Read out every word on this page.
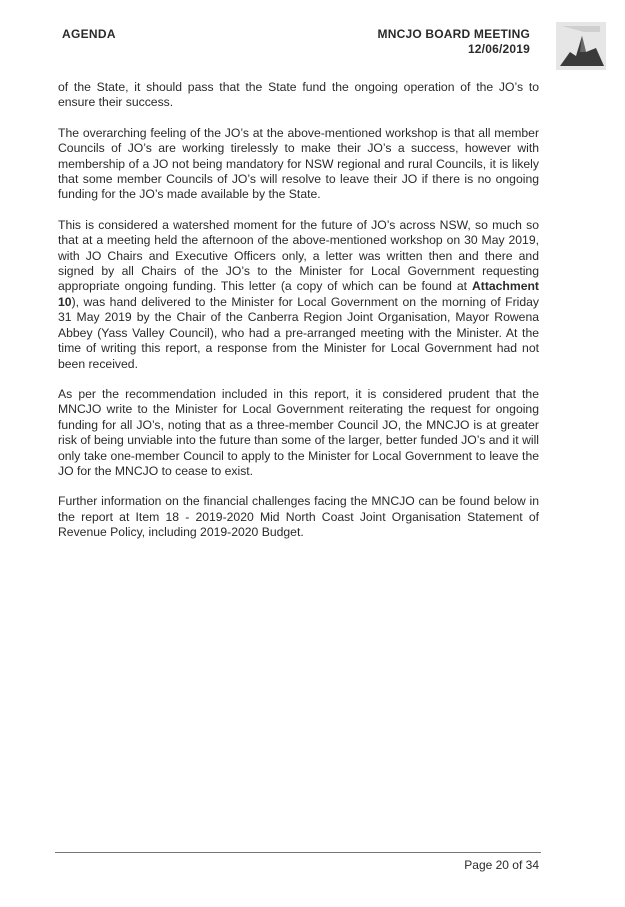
AGENDA	MNCJO BOARD MEETING
12/06/2019

of the State, it should pass that the State fund the ongoing operation of the JO’s to ensure their success.

The overarching feeling of the JO’s at the above-mentioned workshop is that all member Councils of JO’s are working tirelessly to make their JO’s a success, however with membership of a JO not being mandatory for NSW regional and rural Councils, it is likely that some member Councils of JO’s will resolve to leave their JO if there is no ongoing funding for the JO’s made available by the State.

This is considered a watershed moment for the future of JO’s across NSW, so much so that at a meeting held the afternoon of the above-mentioned workshop on 30 May 2019, with JO Chairs and Executive Officers only, a letter was written then and there and signed by all Chairs of the JO’s to the Minister for Local Government requesting appropriate ongoing funding. This letter (a copy of which can be found at Attachment 10), was hand delivered to the Minister for Local Government on the morning of Friday 31 May 2019 by the Chair of the Canberra Region Joint Organisation, Mayor Rowena Abbey (Yass Valley Council), who had a pre-arranged meeting with the Minister. At the time of writing this report, a response from the Minister for Local Government had not been received.

As per the recommendation included in this report, it is considered prudent that the MNCJO write to the Minister for Local Government reiterating the request for ongoing funding for all JO’s, noting that as a three-member Council JO, the MNCJO is at greater risk of being unviable into the future than some of the larger, better funded JO’s and it will only take one-member Council to apply to the Minister for Local Government to leave the JO for the MNCJO to cease to exist.

Further information on the financial challenges facing the MNCJO can be found below in the report at Item 18 - 2019-2020 Mid North Coast Joint Organisation Statement of Revenue Policy, including 2019-2020 Budget.

Page 20 of 34
